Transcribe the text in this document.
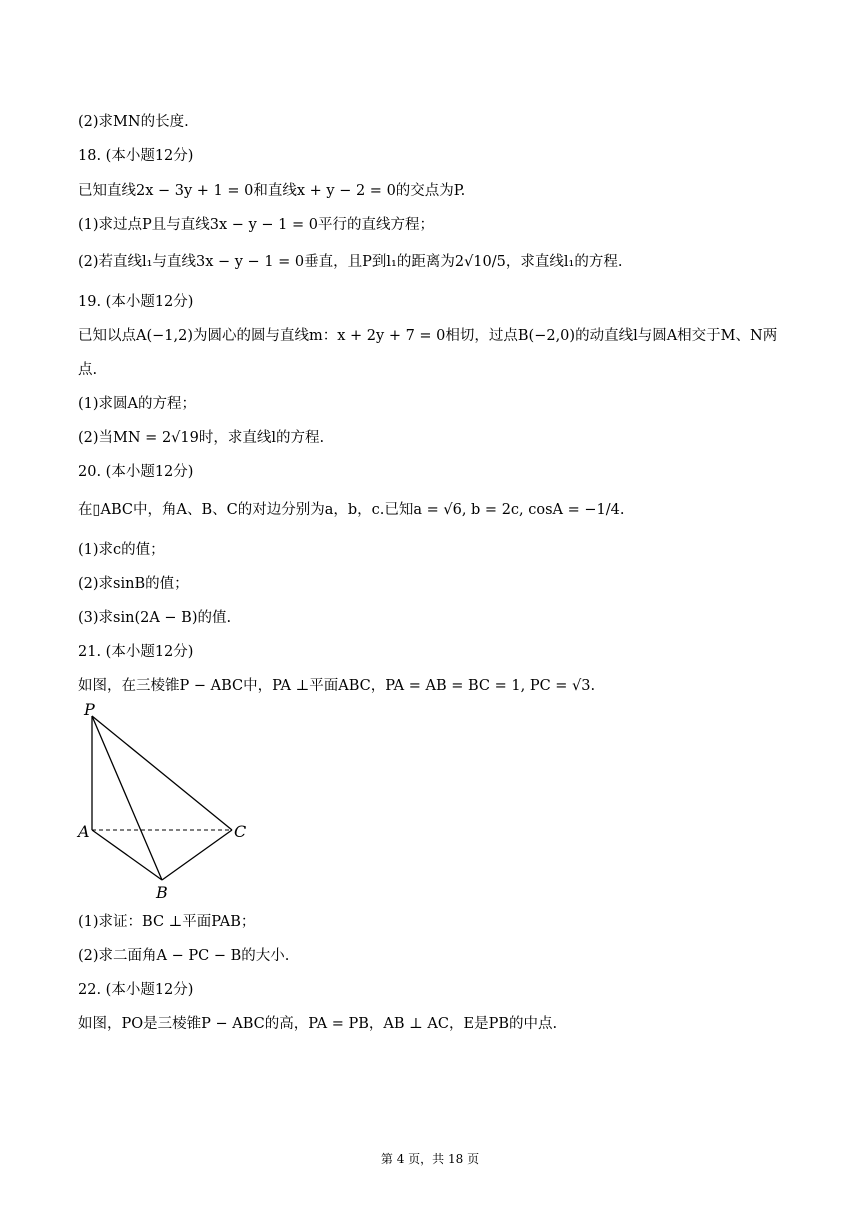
(2)求MN的长度.
18. (本小题12分)
已知直线2x − 3y + 1 = 0和直线x + y − 2 = 0的交点为P.
(1)求过点P且与直线3x − y − 1 = 0平行的直线方程；
(2)若直线l₁与直线3x − y − 1 = 0垂直，且P到l₁的距离为2√10/5，求直线l₁的方程.
19. (本小题12分)
已知以点A(−1,2)为圆心的圆与直线m：x + 2y + 7 = 0相切，过点B(−2,0)的动直线l与圆A相交于M、N两
点.
(1)求圆A的方程；
(2)当MN = 2√19时，求直线l的方程.
20. (本小题12分)
在▯ABC中，角A、B、C的对边分别为a，b，c.已知a = √6, b = 2c, cosA = −1/4.
(1)求c的值；
(2)求sinB的值；
(3)求sin(2A − B)的值.
21. (本小题12分)
如图，在三棱锥P − ABC中，PA ⊥平面ABC，PA = AB = BC = 1, PC = √3.
(1)求证：BC ⊥平面PAB；
(2)求二面角A − PC − B的大小.
22. (本小题12分)
如图，PO是三棱锥P − ABC的高，PA = PB，AB ⊥ AC，E是PB的中点.
P
A
B
C
第 4 页，共 18 页
